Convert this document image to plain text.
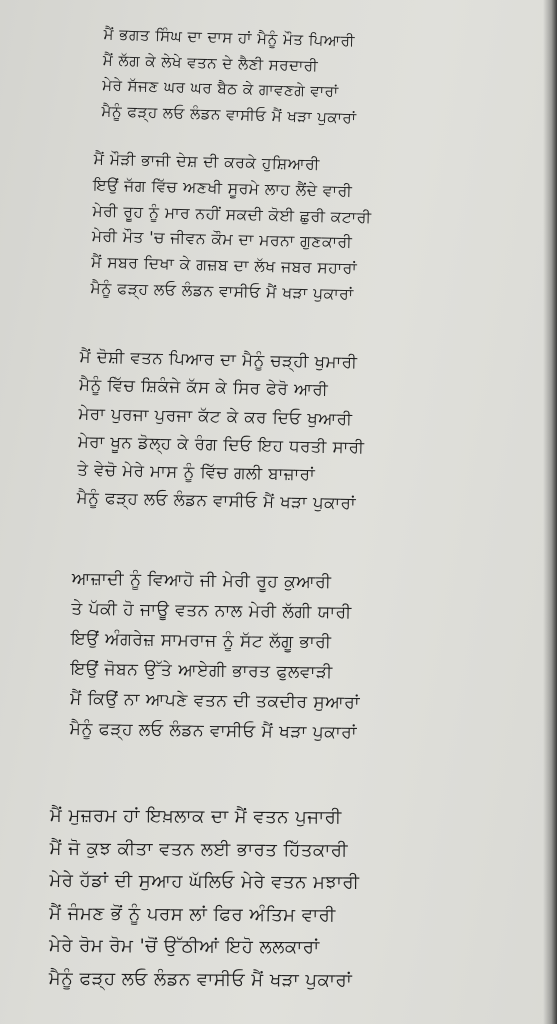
ਮੈਂ ਭਗਤ ਸਿੰਘ ਦਾ ਦਾਸ ਹਾਂ ਮੈਨੂੰ ਮੌਤ ਪਿਆਰੀ
ਮੈਂ ਲੱਗ ਕੇ ਲੇਖੇ ਵਤਨ ਦੇ ਲੈਣੀ ਸਰਦਾਰੀ
ਮੇਰੇ ਸੱਜਣ ਘਰ ਘਰ ਬੈਠ ਕੇ ਗਾਵਣਗੇ ਵਾਰਾਂ
ਮੈਨੂੰ ਫੜ੍ਹ ਲਓ ਲੰਡਨ ਵਾਸੀਓ ਮੈਂ ਖੜਾ ਪੁਕਾਰਾਂ
ਮੈਂ ਮੌੜੀ ਭਾਜੀ ਦੇਸ਼ ਦੀ ਕਰਕੇ ਹੁਸ਼ਿਆਰੀ
ਇਉਂ ਜੱਗ ਵਿੱਚ ਅਣਖੀ ਸੂਰਮੇ ਲਾਹ ਲੈਂਦੇ ਵਾਰੀ
ਮੇਰੀ ਰੂਹ ਨੂੰ ਮਾਰ ਨਹੀਂ ਸਕਦੀ ਕੋਈ ਛੁਰੀ ਕਟਾਰੀ
ਮੇਰੀ ਮੌਤ 'ਚ ਜੀਵਨ ਕੌਮ ਦਾ ਮਰਨਾ ਗੁਣਕਾਰੀ
ਮੈਂ ਸਬਰ ਦਿਖਾ ਕੇ ਗਜ਼ਬ ਦਾ ਲੱਖ ਜਬਰ ਸਹਾਰਾਂ
ਮੈਨੂੰ ਫੜ੍ਹ ਲਓ ਲੰਡਨ ਵਾਸੀਓ ਮੈਂ ਖੜਾ ਪੁਕਾਰਾਂ
ਮੈਂ ਦੋਸ਼ੀ ਵਤਨ ਪਿਆਰ ਦਾ ਮੈਨੂੰ ਚੜ੍ਹੀ ਖੁਮਾਰੀ
ਮੈਨੂੰ ਵਿੱਚ ਸ਼ਿਕੰਜੇ ਕੱਸ ਕੇ ਸਿਰ ਫੇਰੋ ਆਰੀ
ਮੇਰਾ ਪੁਰਜਾ ਪੁਰਜਾ ਕੱਟ ਕੇ ਕਰ ਦਿਓ ਖੁਆਰੀ
ਮੇਰਾ ਖੂਨ ਡੋਲ੍ਹ ਕੇ ਰੰਗ ਦਿਓ ਇਹ ਧਰਤੀ ਸਾਰੀ
ਤੇ ਵੇਚੋ ਮੇਰੇ ਮਾਸ ਨੂੰ ਵਿੱਚ ਗਲੀ ਬਾਜ਼ਾਰਾਂ
ਮੈਨੂੰ ਫੜ੍ਹ ਲਓ ਲੰਡਨ ਵਾਸੀਓ ਮੈਂ ਖੜਾ ਪੁਕਾਰਾਂ
ਆਜ਼ਾਦੀ ਨੂੰ ਵਿਆਹੋ ਜੀ ਮੇਰੀ ਰੂਹ ਕੁਆਰੀ
ਤੇ ਪੱਕੀ ਹੋ ਜਾਊ ਵਤਨ ਨਾਲ ਮੇਰੀ ਲੱਗੀ ਯਾਰੀ
ਇਉਂ ਅੰਗਰੇਜ਼ ਸਾਮਰਾਜ ਨੂੰ ਸੱਟ ਲੱਗੂ ਭਾਰੀ
ਇਉਂ ਜੋਬਨ ਉੱਤੇ ਆਏਗੀ ਭਾਰਤ ਫੁਲਵਾੜੀ
ਮੈਂ ਕਿਉਂ ਨਾ ਆਪਣੇ ਵਤਨ ਦੀ ਤਕਦੀਰ ਸੁਆਰਾਂ
ਮੈਨੂੰ ਫੜ੍ਹ ਲਓ ਲੰਡਨ ਵਾਸੀਓ ਮੈਂ ਖੜਾ ਪੁਕਾਰਾਂ
ਮੈਂ ਮੁਜ਼ਰਮ ਹਾਂ ਇਖ਼ਲਾਕ ਦਾ ਮੈਂ ਵਤਨ ਪੁਜਾਰੀ
ਮੈਂ ਜੋ ਕੁਝ ਕੀਤਾ ਵਤਨ ਲਈ ਭਾਰਤ ਹਿੱਤਕਾਰੀ
ਮੇਰੇ ਹੱਡਾਂ ਦੀ ਸੁਆਹ ਘੱਲਿਓ ਮੇਰੇ ਵਤਨ ਮਝਾਰੀ
ਮੈਂ ਜੰਮਣ ਭੋਂ ਨੂੰ ਪਰਸ ਲਾਂ ਫਿਰ ਅੰਤਿਮ ਵਾਰੀ
ਮੇਰੇ ਰੋਮ ਰੋਮ 'ਚੋਂ ਉੱਠੀਆਂ ਇਹੋ ਲਲਕਾਰਾਂ
ਮੈਨੂੰ ਫੜ੍ਹ ਲਓ ਲੰਡਨ ਵਾਸੀਓ ਮੈਂ ਖੜਾ ਪੁਕਾਰਾਂ
